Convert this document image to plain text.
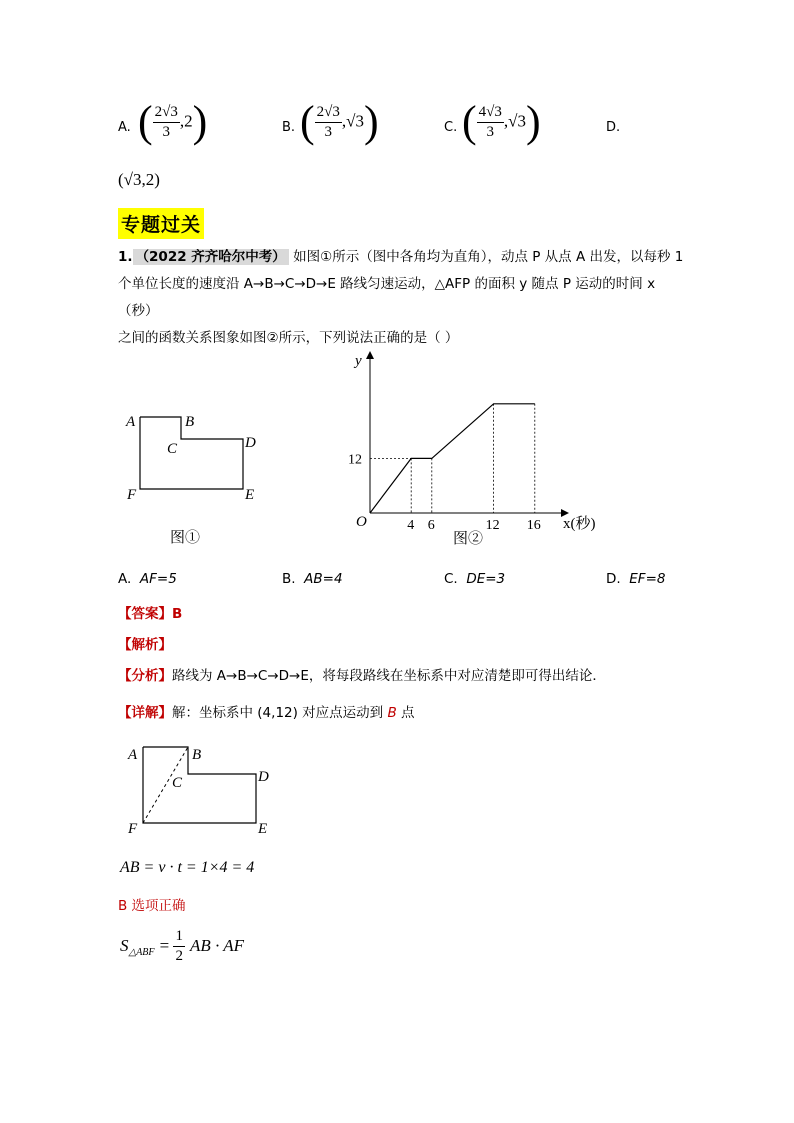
A. ( $\frac{2√3}{3} ,2$)	B. ( $\frac{2√3}{3} ,√3$)	C. ( $\frac{4√3}{3} ,√3$)	D.
(√3,2)
专题过关
1. （2022 齐齐哈尔中考） 如图①所示（图中各角均为直角），动点 P 从点 A 出发，以每秒 1
个单位长度的速度沿 A→B→C→D→E 路线匀速运动，△AFP 的面积 y 随点 P 运动的时间 x（秒）
之间的函数关系图象如图②所示，下列说法正确的是（ ）
A	B
C	D
E
F
图①
y
x(秒)
O
12
4 6	12 16
图②
A. AF=5	B. AB=4	C. DE=3	D. EF=8
【答案】B
【解析】
【分析】路线为 A→B→C→D→E，将每段路线在坐标系中对应清楚即可得出结论．
【详解】解：坐标系中 (4,12) 对应点运动到 B 点
A	B
C	D
E
F
AB = v · t = 1×4 = 4
B 选项正确
$S_{\triangle ABF} = \frac{1}{2}$ AB · AF
